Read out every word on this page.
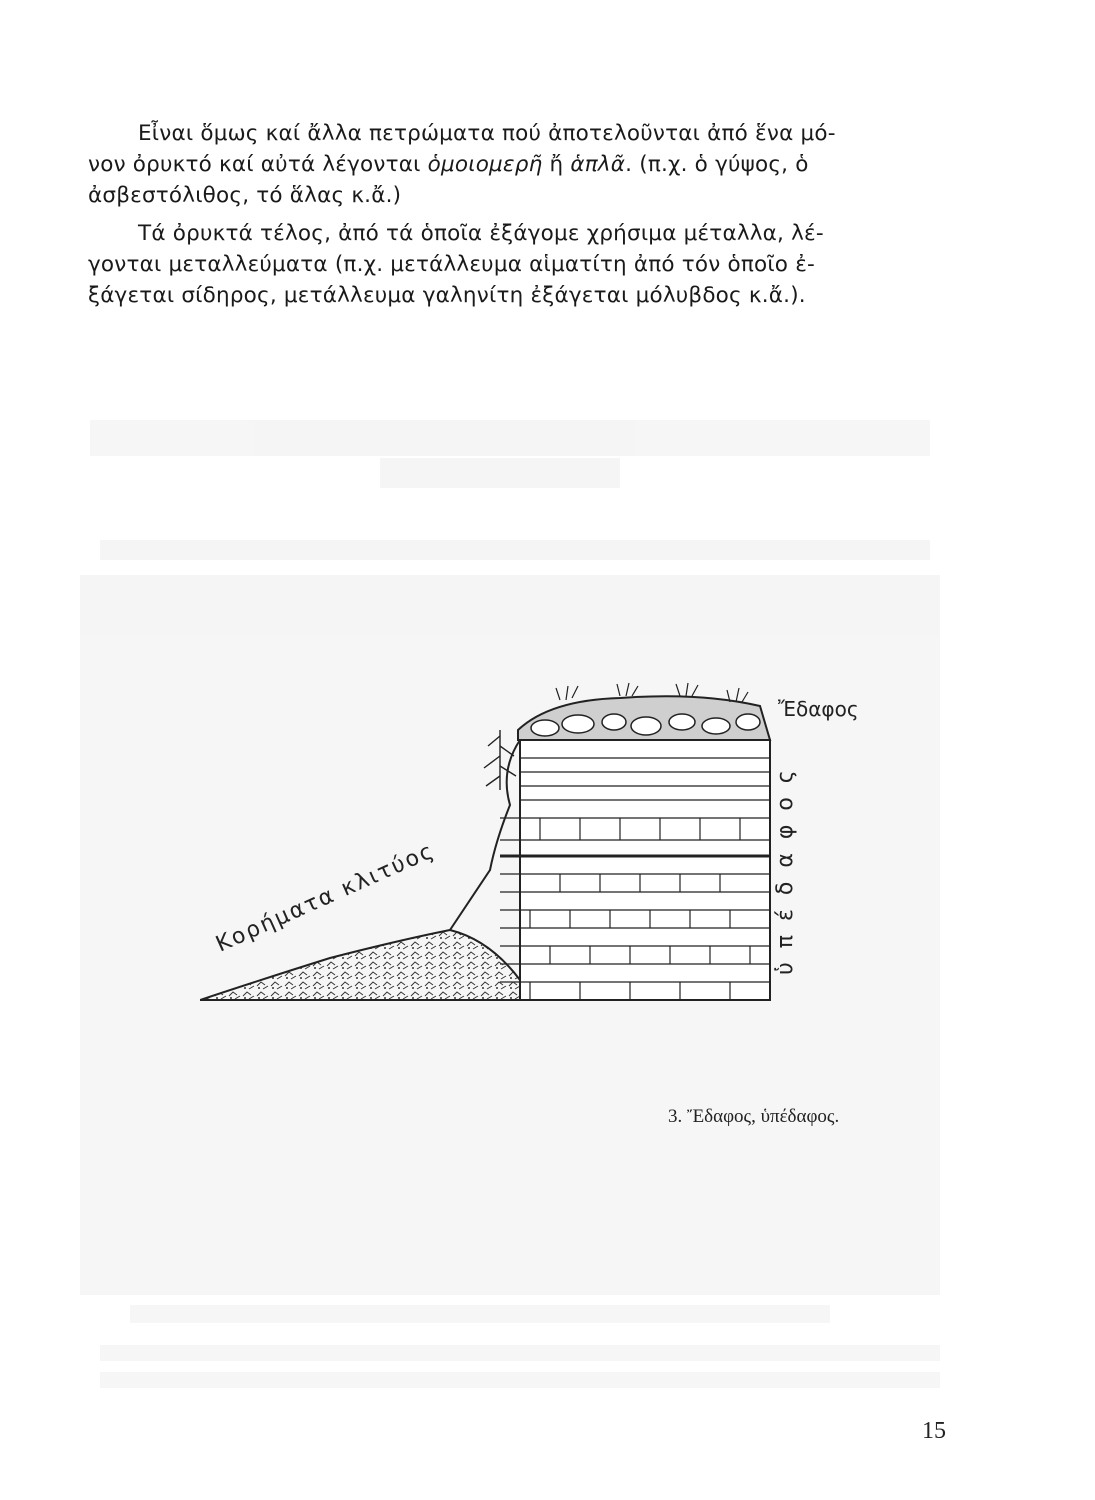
Εἶναι ὅμως καί ἄλλα πετρώματα πού ἀποτελοῦνται ἀπό ἕνα μό-
νον ὀρυκτό καί αὐτά λέγονται ὁμοιομερῆ ἤ ἁπλᾶ. (π.χ. ὁ γύψος, ὁ
ἀσβεστόλιθος, τό ἅλας κ.ἄ.)
Τά ὀρυκτά τέλος, ἀπό τά ὁποῖα ἐξάγομε χρήσιμα μέταλλα, λέ-
γονται μεταλλεύματα (π.χ. μετάλλευμα αἱματίτη ἀπό τόν ὁποῖο ἐ-
ξάγεται σίδηρος, μετάλλευμα γαληνίτη ἐξάγεται μόλυβδος κ.ἄ.).
Ἔδαφος
ὑπέδαφος
Κορήματα κλιτύος
3. Ἔδαφος, ὑπέδαφος.
15
